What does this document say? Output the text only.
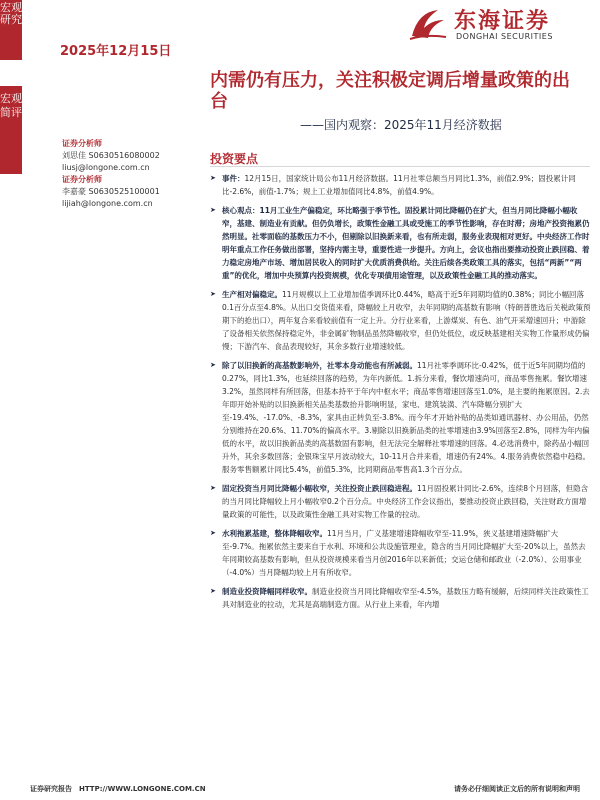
宏观研究
2025年12月15日
东海证券
DONGHAI SECURITIES
宏观简评
内需仍有压力，关注积极定调后增量政策的出台
——国内观察：2025年11月经济数据
证券分析师
刘思佳 S0630516080002
liusj@longone.com.cn
证券分析师
李嘉豪 S0630525100001
lijiah@longone.com.cn
投资要点
➤ 事件：12月15日，国家统计局公布11月经济数据。11月社零总额当月同比1.3%，前值2.9%；固投累计同比-2.6%，前值-1.7%；规上工业增加值同比4.8%，前值4.9%。
➤ 核心观点：11月工业生产偏稳定，环比略强于季节性。固投累计同比降幅仍在扩大，但当月同比降幅小幅收窄，基建、制造业有贡献。但仍负增长，政策性金融工具或受施工的季节性影响，存在时滞；房地产投资拖累仍然明显。社零面临的基数压力不小，但剔除以旧换新来看，也有所走弱，服务业表现相对更好。中央经济工作时明年重点工作任务做出部署，坚持内需主导，重要性进一步提升。方向上，会议也指出要推动投资止跌回稳、着力稳定房地产市场、增加居民收入的同时扩大优质消费供给。关注后续各类政策工具的落实，包括“两新”“两重”的优化，增加中央预算内投资规模，优化专项债用途管理，以及政策性金融工具的推动落实。
➤ 生产相对偏稳定。11月规模以上工业增加值季调环比0.44%，略高于近5年同期均值的0.38%；同比小幅回落0.1百分点至4.8%。从出口交货值来看，降幅较上月收窄，去年同期的高基数有影响（特朗普胜选后关税政策预期下的抢出口），两年复合来看较前值有一定上升。分行业来看，上游煤炭、有色、油气开采增速回升；中游除了设备相关依然保持稳定外，非金属矿物制品虽然降幅收窄，但仍处低位，或反映基建相关实物工作量形成仍偏慢；下游汽车、食品表现较好，其余多数行业增速较低。
➤ 除了以旧换新的高基数影响外，社零本身动能也有所减弱。11月社零季调环比-0.42%，低于近5年同期均值的0.27%，同比1.3%，也延续回落的趋势，为年内新低。1.拆分来看，餐饮增速尚可，商品零售拖累。餐饮增速3.2%，虽然同样有所回落，但基本持平于年内中枢水平；商品零售增速回落至1.0%，是主要的拖累原因。2.去年即开始补贴的以旧换新相关品类基数抬升影响明显，家电、建筑装潢、汽车降幅分别扩大至-19.4%、-17.0%、-8.3%，家具由正转负至-3.8%。而今年才开始补贴的品类如通讯器材、办公用品，仍然分别维持在20.6%、11.70%的偏高水平。3.剔除以旧换新品类的社零增速由3.9%回落至2.8%，同样为年内偏低的水平，故以旧换新品类的高基数固有影响，但无法完全解释社零增速的回落。4.必选消费中，除药品小幅回升外，其余多数回落；金银珠宝早月波动较大，10-11月合并来看，增速仍有24%。4.服务消费依然稳中趋稳。服务零售额累计同比5.4%，前值5.3%，比同期商品零售高1.3个百分点。
➤ 固定投资当月同比降幅小幅收窄，关注投资止跌回稳进程。11月固投累计同比-2.6%，连续8个月回落，但隐含的当月同比降幅较上月小幅收窄0.2个百分点。中央经济工作会议指出，要推动投资止跌回稳，关注财政方面增量政策的可能性，以及政策性金融工具对实物工作量的拉动。
➤ 水利拖累基建，整体降幅收窄。11月当月，广义基建增速降幅收窄至-11.9%，狭义基建增速降幅扩大至-9.7%。拖累依然主要来自于水利、环境和公共设施管理业，隐含的当月同比降幅扩大至-20%以上，虽然去年同期较高基数有影响，但从投资规模来看当月创2016年以来新低；交运仓储和邮政业（-2.0%）、公用事业（-4.0%）当月降幅均较上月有所收窄。
➤ 制造业投资降幅同样收窄。制造业投资当月同比降幅收窄至-4.5%，基数压力略有缓解，后续同样关注政策性工具对制造业的拉动，尤其是高端制造方面。从行业上来看，年内增
证券研究报告　HTTP://WWW.LONGONE.COM.CN	请务必仔细阅读正文后的所有说明和声明
